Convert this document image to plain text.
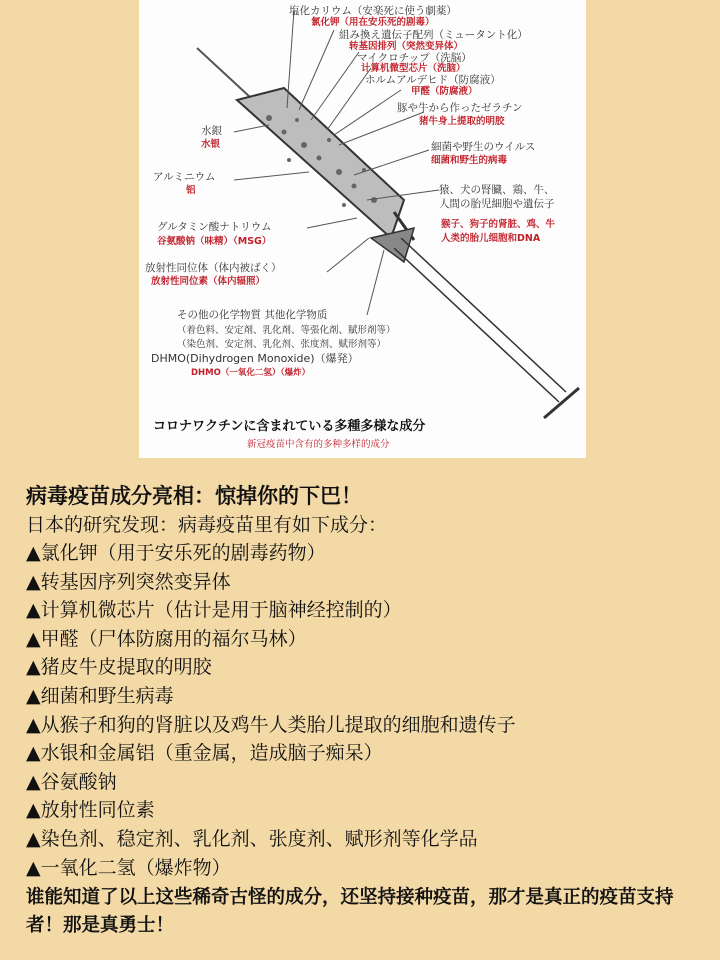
塩化カリウム（安楽死に使う劇薬）
氯化钾（用在安乐死的剧毒）
組み換え遺伝子配列（ミュータント化）
转基因排列（突然变异体）
マイクロチップ（洗脳）
计算机微型芯片（洗脑）
ホルムアルデヒド（防腐液）
甲醛（防腐液）
豚や牛から作ったゼラチン
猪牛身上提取的明胶
水銀
水银	細菌や野生のウイルス
细菌和野生的病毒
アルミニウム
铝	猿、犬の腎臓、鶏、牛、
人間の胎児細胞や遺伝子
猴子、狗子的肾脏、鸡、牛
人类的胎儿细胞和DNA
グルタミン酸ナトリウム
谷氨酸钠（味精）（MSG）
放射性同位体（体内被ばく）
放射性同位素（体内辐照）
その他の化学物質 其他化学物质
（着色料、安定剤、乳化剤、等張化剤、賦形剤等）
（染色剂、安定剂、乳化剂、张度剂、赋形剂等）
DHMO(Dihydrogen Monoxide)（爆発）
DHMO（一氧化二氢）（爆炸）
コロナワクチンに含まれている多種多様な成分
新冠疫苗中含有的多种多样的成分
病毒疫苗成分亮相：惊掉你的下巴！
日本的研究发现：病毒疫苗里有如下成分：
▲氯化钾（用于安乐死的剧毒药物）
▲转基因序列突然变异体
▲计算机微芯片（估计是用于脑神经控制的）
▲甲醛（尸体防腐用的福尔马林）
▲猪皮牛皮提取的明胶
▲细菌和野生病毒
▲从猴子和狗的肾脏以及鸡牛人类胎儿提取的细胞和遗传子
▲水银和金属铝（重金属，造成脑子痴呆）
▲谷氨酸钠
▲放射性同位素
▲染色剂、稳定剂、乳化剂、张度剂、赋形剂等化学品
▲一氧化二氢（爆炸物）
谁能知道了以上这些稀奇古怪的成分，还坚持接种疫苗，那才是真正的疫苗支持者！那是真勇士！
